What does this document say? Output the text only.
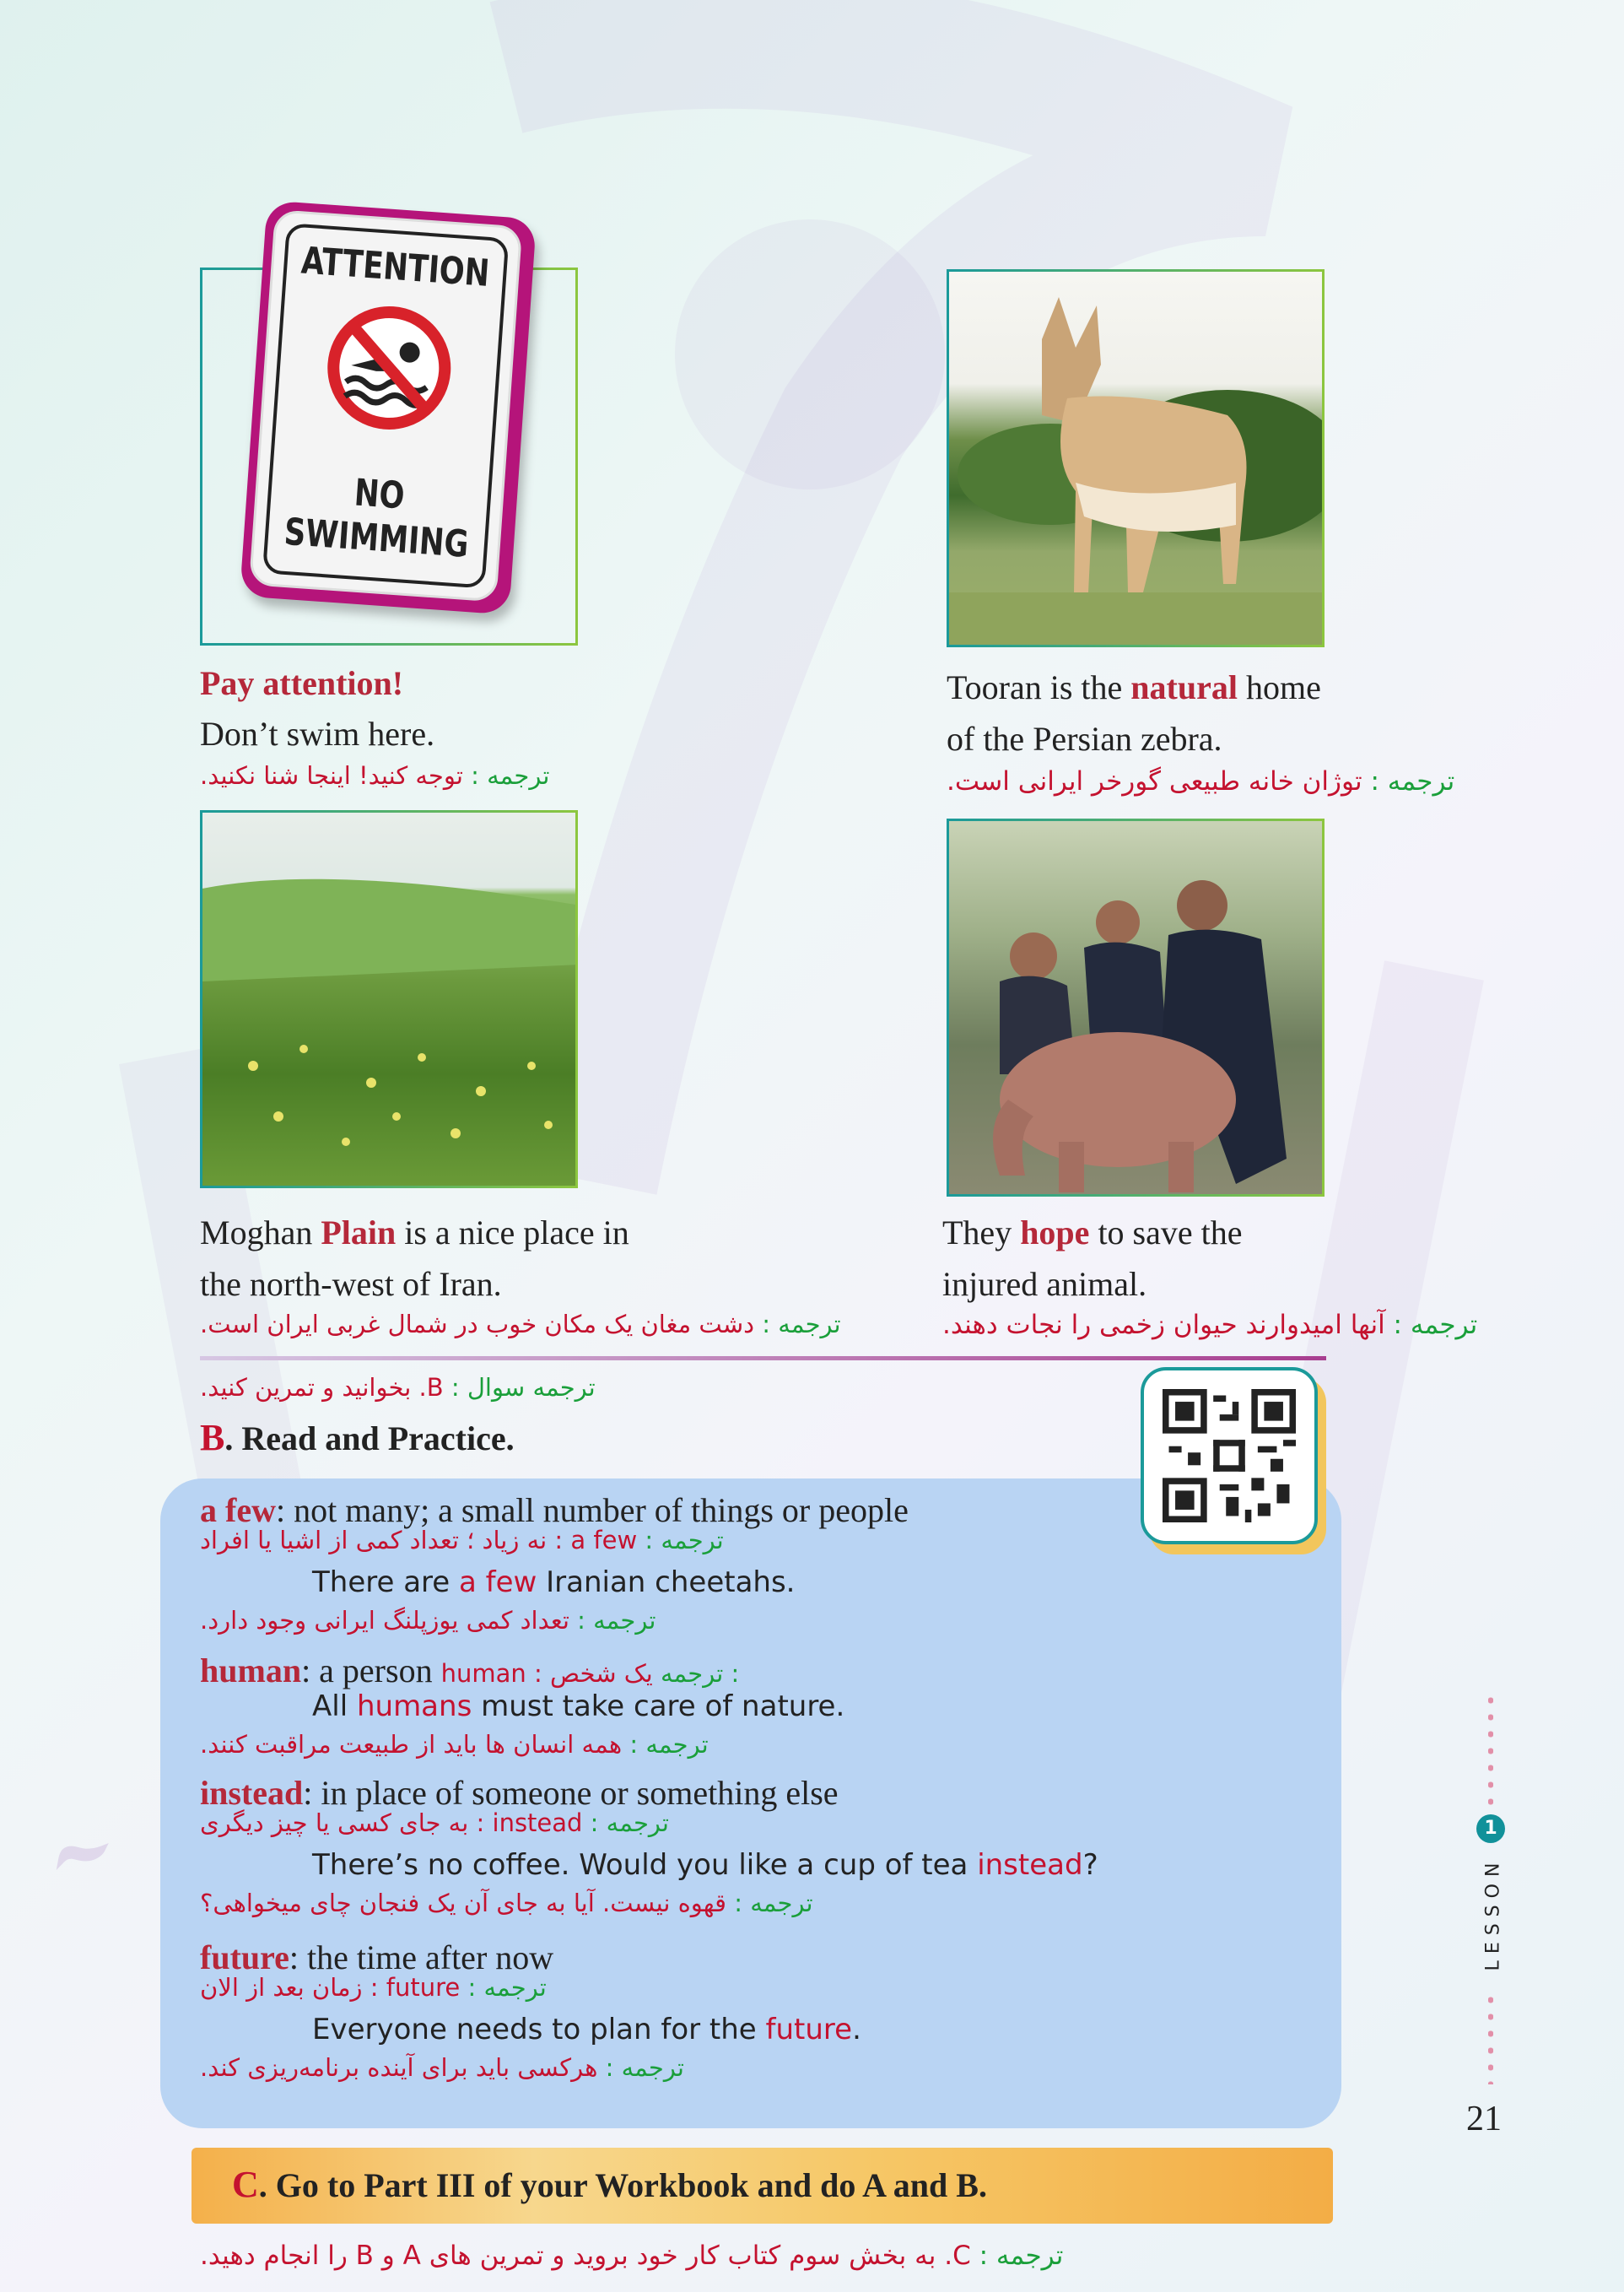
ۤ ۤ
ATTENTION
NO
SWIMMING
Pay attention!
Don’t swim here.
ترجمه : توجه کنید! اینجا شنا نکنید.
Tooran is the natural home
of the Persian zebra.
ترجمه : توژان خانه طبیعی گورخر ایرانی است.
Moghan Plain is a nice place in
the north-west of Iran.
ترجمه : دشت مغان یک مکان خوب در شمال غربی ایران است.
They hope to save the
injured animal.
ترجمه : آنها امیدوارند حیوان زخمی را نجات دهند.
ترجمه سوال : B. بخوانید و تمرین کنید.
B. Read and Practice.
a few: not many; a small number of things or people
ترجمه : a few : نه زیاد ؛ تعداد کمی از اشیا یا افراد
There are a few Iranian cheetahs.
ترجمه : تعداد کمی یوزپلنگ ایرانی وجود دارد.
human: a person یک شخص : human ترجمه :
All humans must take care of nature.
ترجمه : همه انسان ها باید از طبیعت مراقبت کنند.
instead: in place of someone or something else
ترجمه : instead : به جای کسی یا چیز دیگری
There’s no coffee. Would you like a cup of tea instead?
ترجمه : قهوه نیست. آیا به جای آن یک فنجان چای میخواهی؟
future: the time after now
ترجمه : future : زمان بعد از الان
Everyone needs to plan for the future.
ترجمه : هرکسی باید برای آینده برنامه‌ریزی کند.
C. Go to Part III of your Workbook and do A and B.
ترجمه : C. به بخش سوم کتاب کار خود بروید و تمرین های A و B را انجام دهید.
1
LESSON
21
